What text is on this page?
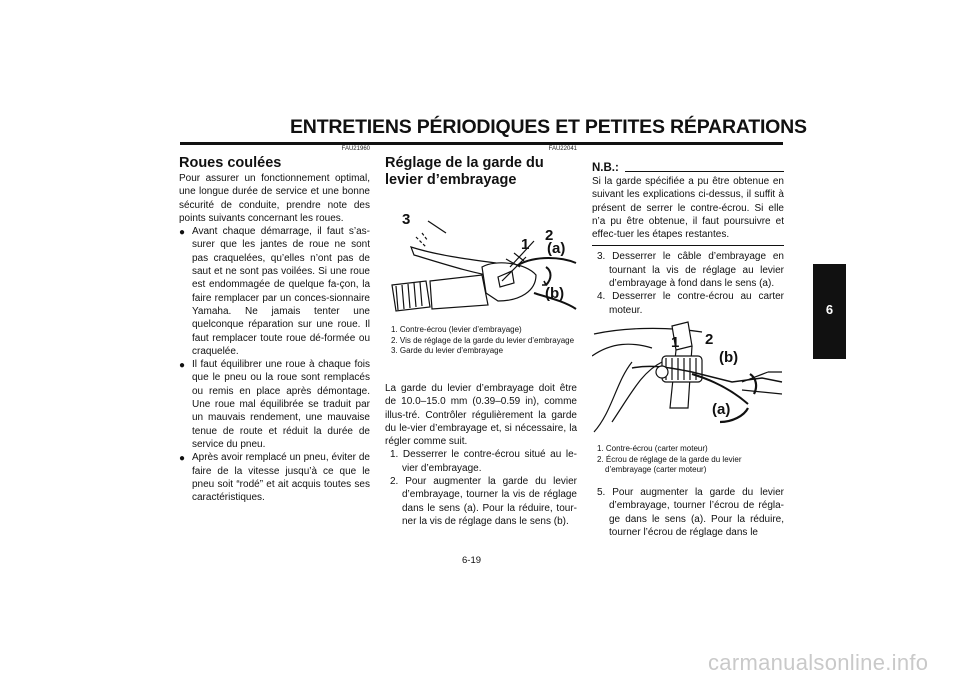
ENTRETIENS PÉRIODIQUES ET PETITES RÉPARATIONS
FAU21960
Roues coulées
Pour assurer un fonctionnement optimal, une longue durée de service et une bonne sécurité de conduite, prendre note des points suivants concernant les roues.
● Avant chaque démarrage, il faut s’as-surer que les jantes de roue ne sont pas craquelées, qu’elles n’ont pas de saut et ne sont pas voilées. Si une roue est endommagée de quelque fa-çon, la faire remplacer par un conces-sionnaire Yamaha. Ne jamais tenter une quelconque réparation sur une roue. Il faut remplacer toute roue dé-formée ou craquelée.
● Il faut équilibrer une roue à chaque fois que le pneu ou la roue sont remplacés ou remis en place après démontage. Une roue mal équilibrée se traduit par un mauvais rendement, une mauvaise tenue de route et réduit la durée de service du pneu.
● Après avoir remplacé un pneu, éviter de faire de la vitesse jusqu’à ce que le pneu soit “rodé” et ait acquis toutes ses caractéristiques.
FAU22041
Réglage de la garde du levier d’embrayage
3
1
2
(a)
(b)
1. Contre-écrou (levier d’embrayage)
2. Vis de réglage de la garde du levier d’embrayage
3. Garde du levier d’embrayage
La garde du levier d’embrayage doit être de 10.0–15.0 mm (0.39–0.59 in), comme illus-tré. Contrôler régulièrement la garde du le-vier d’embrayage et, si nécessaire, la régler comme suit.
1. Desserrer le contre-écrou situé au le-vier d’embrayage.
2. Pour augmenter la garde du levier d’embrayage, tourner la vis de réglage dans le sens (a). Pour la réduire, tour-ner la vis de réglage dans le sens (b).
N.B.:
Si la garde spécifiée a pu être obtenue en suivant les explications ci-dessus, il suffit à présent de serrer le contre-écrou. Si elle n’a pu être obtenue, il faut poursuivre et effec-tuer les étapes restantes.
3. Desserrer le câble d’embrayage en tournant la vis de réglage au levier d’embrayage à fond dans le sens (a).
4. Desserrer le contre-écrou au carter moteur.
1 2
(b)
(a)
1. Contre-écrou (carter moteur)
2. Écrou de réglage de la garde du levier d’embrayage (carter moteur)
5. Pour augmenter la garde du levier d’embrayage, tourner l’écrou de régla-ge dans le sens (a). Pour la réduire, tourner l’écrou de réglage dans le
6
6-19
carmanualsonline.info
